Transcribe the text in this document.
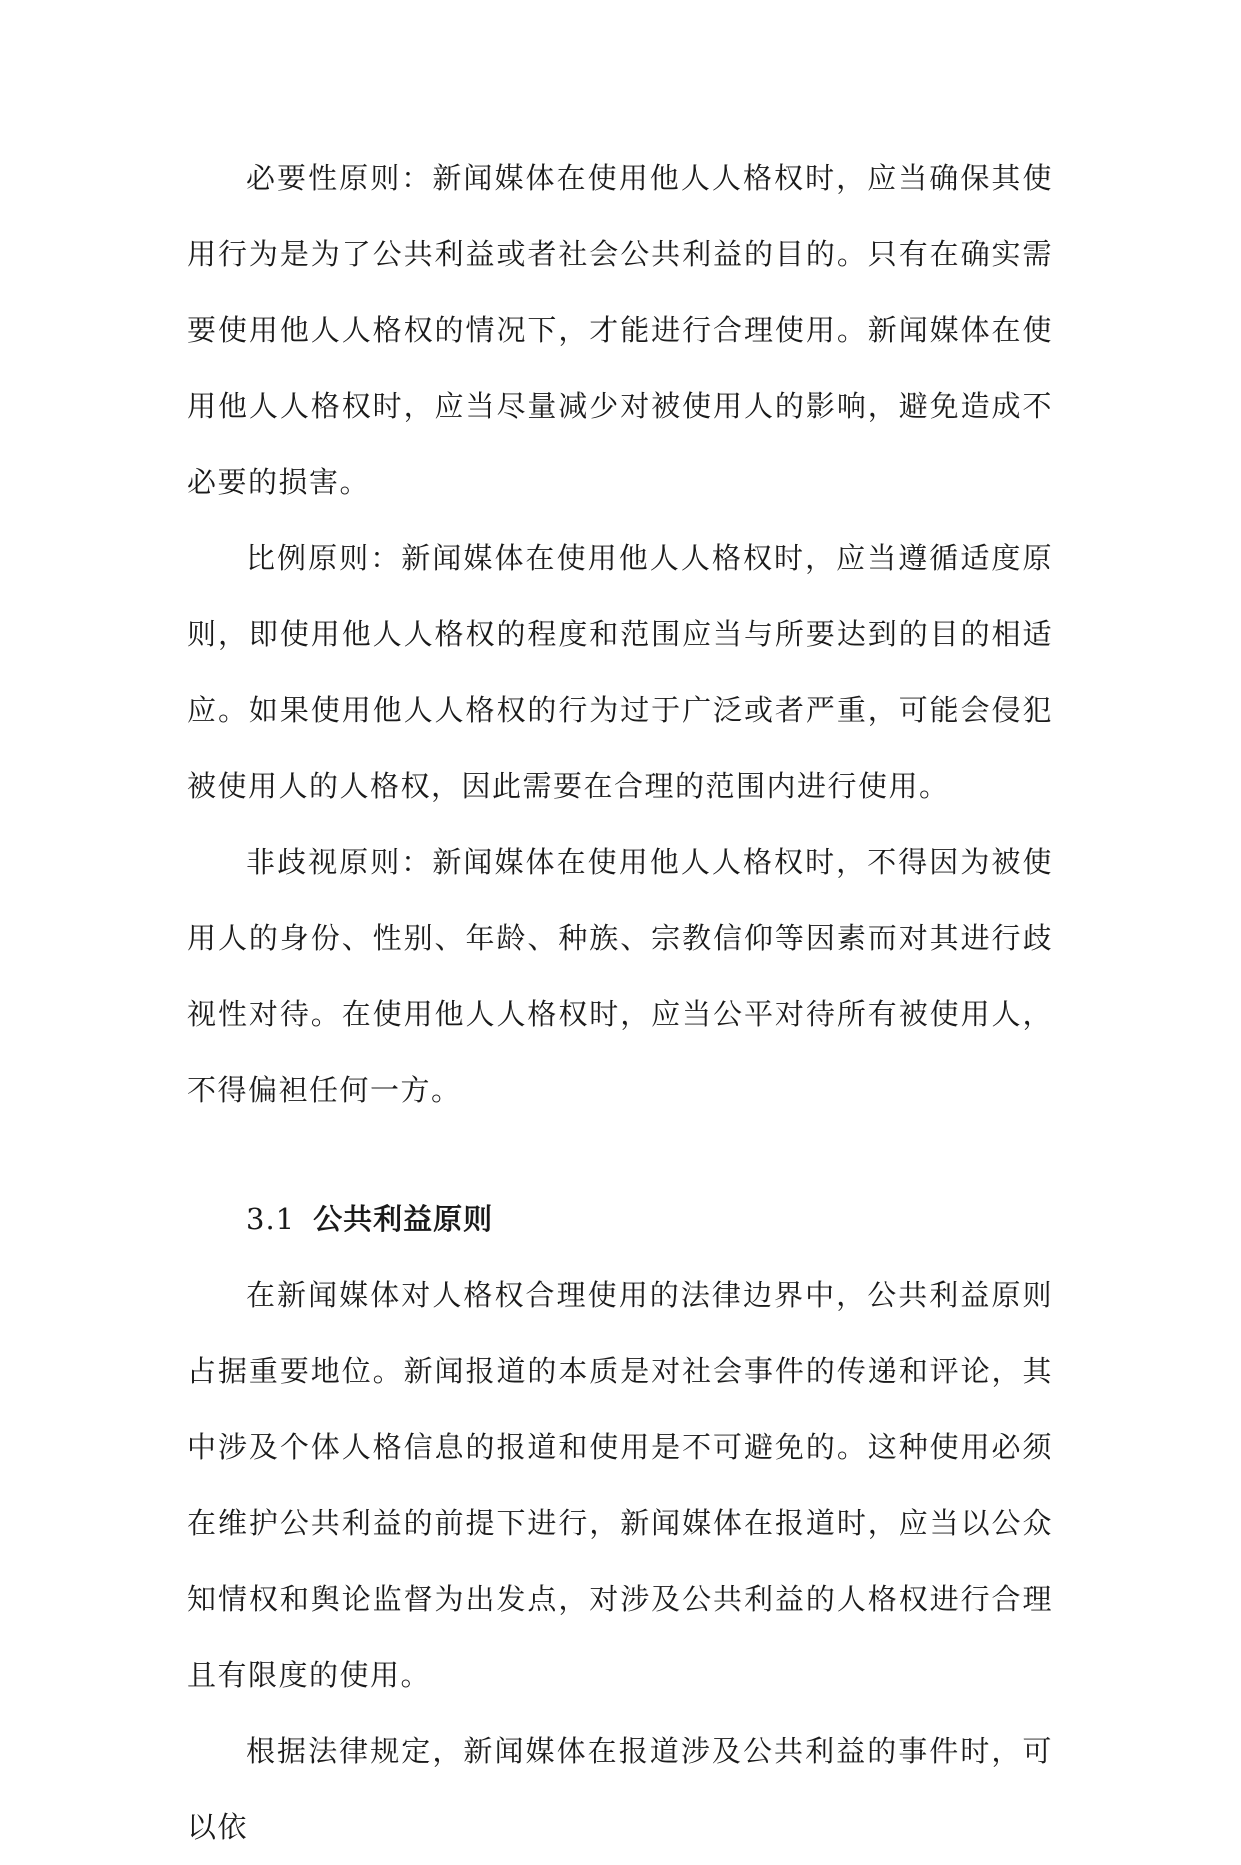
必要性原则：新闻媒体在使用他人人格权时，应当确保其使用行为是为了公共利益或者社会公共利益的目的。只有在确实需要使用他人人格权的情况下，才能进行合理使用。新闻媒体在使用他人人格权时，应当尽量减少对被使用人的影响，避免造成不必要的损害。

比例原则：新闻媒体在使用他人人格权时，应当遵循适度原则，即使用他人人格权的程度和范围应当与所要达到的目的相适应。如果使用他人人格权的行为过于广泛或者严重，可能会侵犯被使用人的人格权，因此需要在合理的范围内进行使用。

非歧视原则：新闻媒体在使用他人人格权时，不得因为被使用人的身份、性别、年龄、种族、宗教信仰等因素而对其进行歧视性对待。在使用他人人格权时，应当公平对待所有被使用人，不得偏袒任何一方。

3.1 公共利益原则

在新闻媒体对人格权合理使用的法律边界中，公共利益原则占据重要地位。新闻报道的本质是对社会事件的传递和评论，其中涉及个体人格信息的报道和使用是不可避免的。这种使用必须在维护公共利益的前提下进行，新闻媒体在报道时，应当以公众知情权和舆论监督为出发点，对涉及公共利益的人格权进行合理且有限度的使用。

根据法律规定，新闻媒体在报道涉及公共利益的事件时，可以依
